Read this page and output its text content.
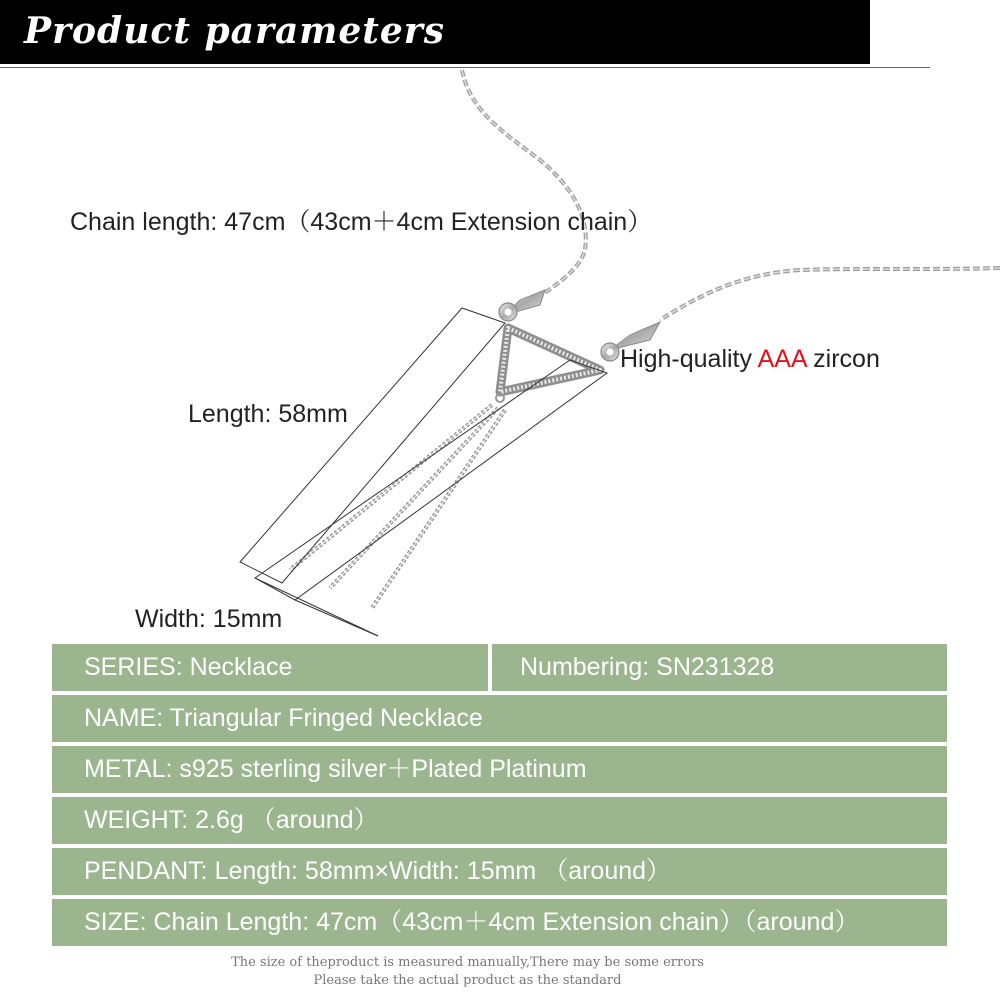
Product parameters
Chain length: 47cm（43cm＋4cm Extension chain）
High-quality AAA zircon
Length: 58mm
Width: 15mm
SERIES: Necklace	Numbering: SN231328
NAME: Triangular Fringed Necklace
METAL: s925 sterling silver＋Plated Platinum
WEIGHT: 2.6g （around）
PENDANT: Length: 58mm×Width: 15mm （around）
SIZE: Chain Length: 47cm（43cm＋4cm Extension chain）（around）
The size of theproduct is measured manually,There may be some errors
Please take the actual product as the standard
